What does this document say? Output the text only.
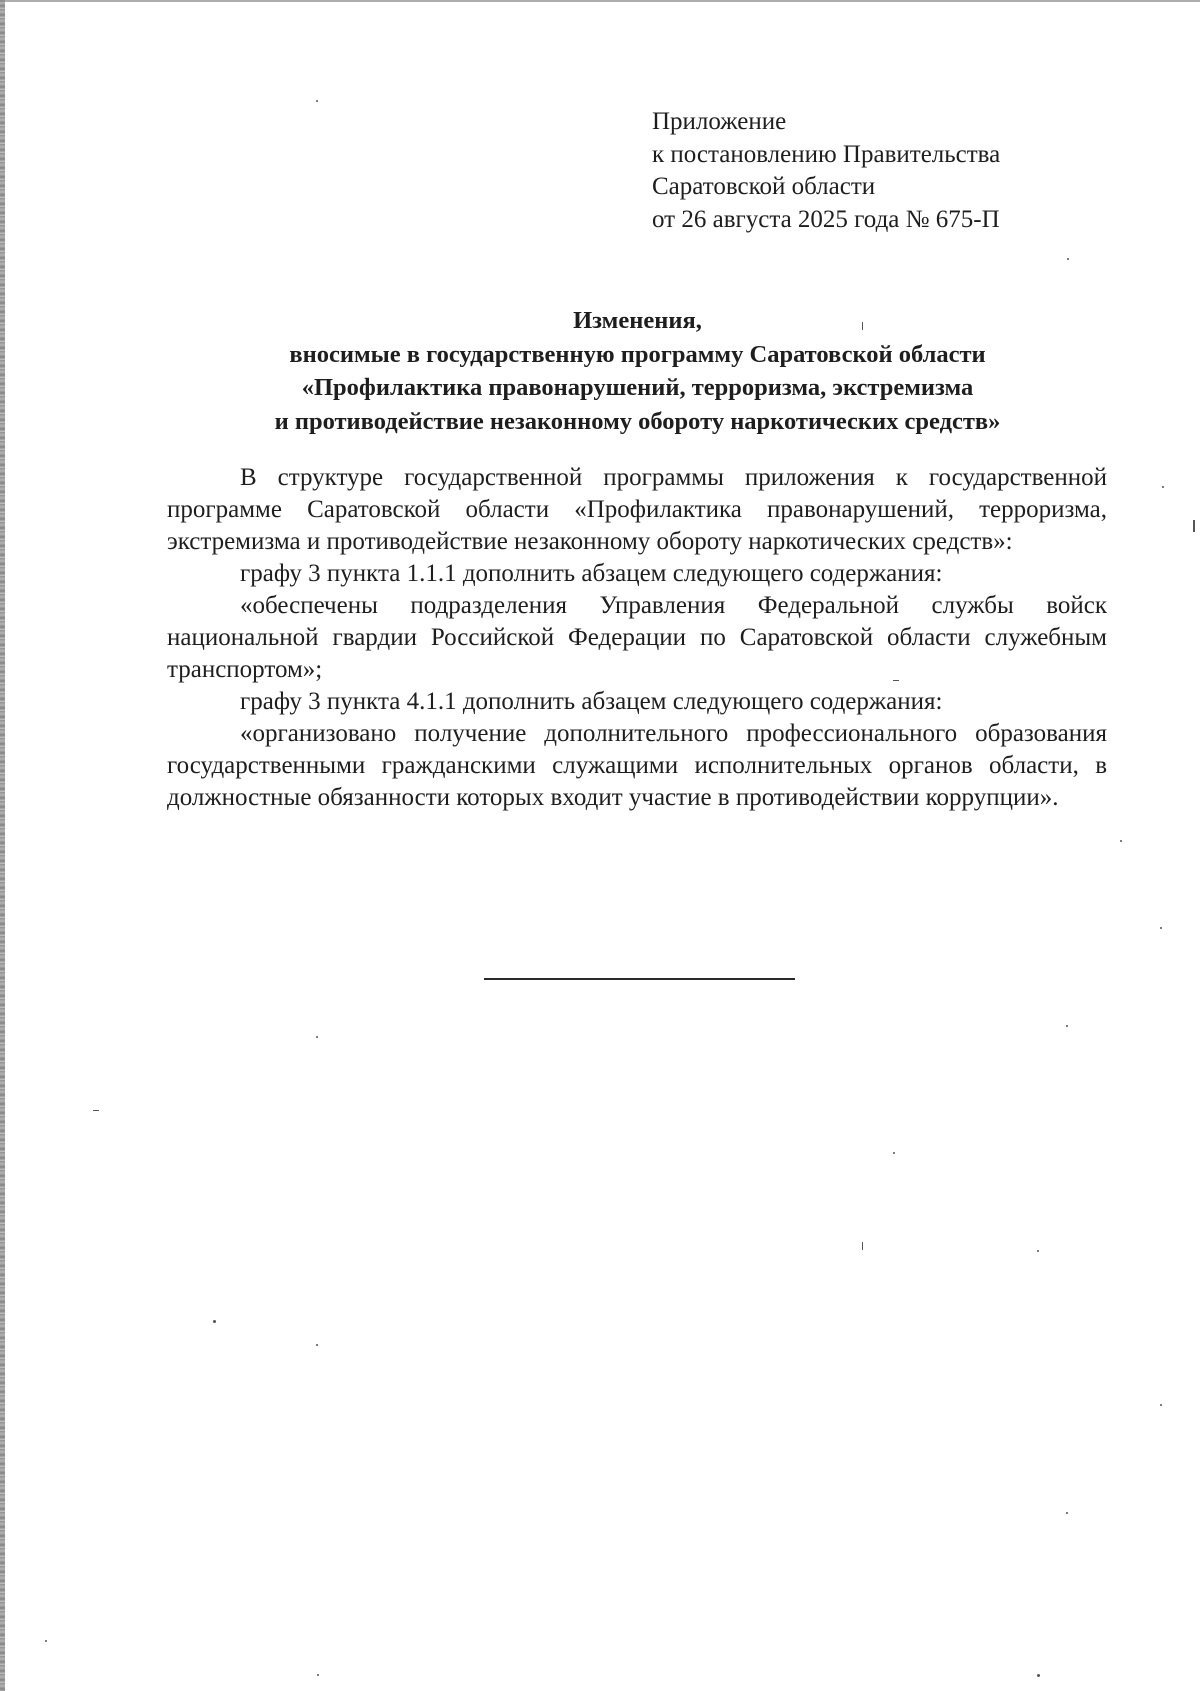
Приложение
к постановлению Правительства
Саратовской области
от 26 августа 2025 года № 675-П
Изменения,
вносимые в государственную программу Саратовской области
«Профилактика правонарушений, терроризма, экстремизма
и противодействие незаконному обороту наркотических средств»

В структуре государственной программы приложения к государственной программе Саратовской области «Профилактика правонарушений, терроризма, экстремизма и противодействие незаконному обороту наркотических средств»:

графу 3 пункта 1.1.1 дополнить абзацем следующего содержания:

«обеспечены подразделения Управления Федеральной службы войск национальной гвардии Российской Федерации по Саратовской области служебным транспортом»;

графу 3 пункта 4.1.1 дополнить абзацем следующего содержания:

«организовано получение дополнительного профессионального образования государственными гражданскими служащими исполнительных органов области, в должностные обязанности которых входит участие в противодействии коррупции».
